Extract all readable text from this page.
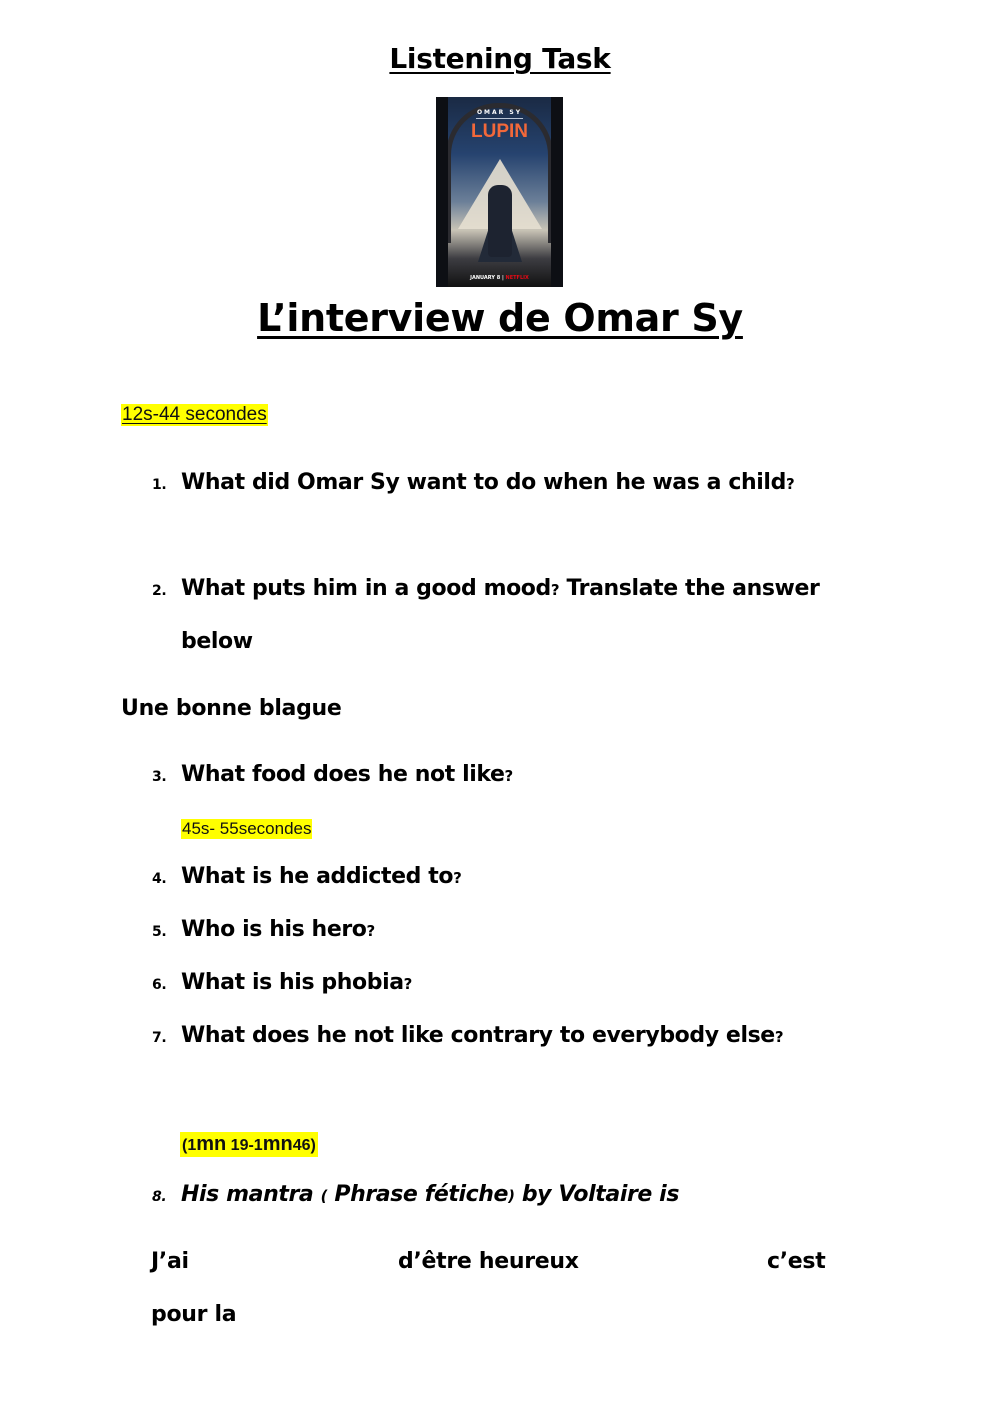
Listening Task
OMAR SY
LUPIN
JANUARY 8 | NETFLIX
L’interview de Omar Sy
12s-44 secondes
1. What did Omar Sy want to do when he was a child?
2. What puts him in a good mood? Translate the answer
below
Une bonne blague
3. What food does he not like?
45s- 55secondes
4. What is he addicted to?
5. Who is his hero?
6. What is his phobia?
7. What does he not like contrary to everybody else?
(1mn 19-1mn46)
8. His mantra ( Phrase fétiche) by Voltaire is
J’ai	d’être heureux	c’est
pour la
